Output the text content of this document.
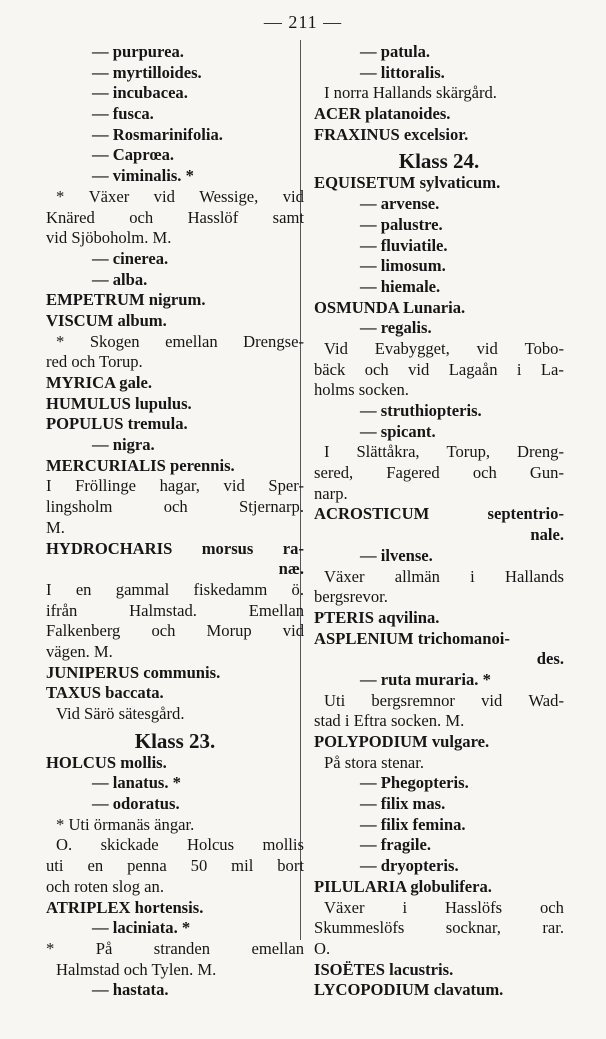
— 211 —
— purpurea.
— myrtilloides.
— incubacea.
— fusca.
— Rosmarinifolia.
— Caprœa.
— viminalis. *
* Växer vid Wessige, vid
Knäred och Hasslöf samt
vid Sjöboholm. M.
— cinerea.
— alba.
EMPETRUM nigrum.
VISCUM album.
* Skogen emellan Drengse-
red och Torup.
MYRICA gale.
HUMULUS lupulus.
POPULUS tremula.
— nigra.
MERCURIALIS perennis.
I Fröllinge hagar, vid Sper-
lingsholm	och	Stjernarp.
M.
HYDROCHARIS morsus ra-
næ.
I en gammal fiskedamm ö.
ifrån	Halmstad.	Emellan
Falkenberg och Morup vid
vägen. M.
JUNIPERUS communis.
TAXUS baccata.
Vid Särö sätesgård.
Klass 23.
HOLCUS mollis.
— lanatus. *
— odoratus.
* Uti örmanäs ängar.
O. skickade Holcus mollis
uti en penna 50 mil bort
och roten slog an.
ATRIPLEX hortensis.
— laciniata. *
* På stranden emellan
Halmstad och Tylen. M.
— hastata.
— patula.
— littoralis.
I norra Hallands skärgård.
ACER platanoides.
FRAXINUS excelsior.
Klass 24.
EQUISETUM sylvaticum.
— arvense.
— palustre.
— fluviatile.
— limosum.
— hiemale.
OSMUNDA Lunaria.
— regalis.
Vid Evabygget, vid Tobo-
bäck och vid Lagaån i La-
holms socken.
— struthiopteris.
— spicant.
I Slättåkra, Torup, Dreng-
sered, Fagered och Gun-
narp.
ACROSTICUM	septentrio-
nale.
— ilvense.
Växer allmän i Hallands
bergsrevor.
PTERIS aqvilina.
ASPLENIUM trichomanoi-
des.
— ruta muraria. *
Uti bergsremnor vid Wad-
stad i Eftra socken. M.
POLYPODIUM vulgare.
På stora stenar.
— Phegopteris.
— filix mas.
— filix femina.
— fragile.
— dryopteris.
PILULARIA globulifera.
Växer i Hasslöfs och
Skummeslöfs socknar, rar.
O.
ISOËTES lacustris.
LYCOPODIUM clavatum.
